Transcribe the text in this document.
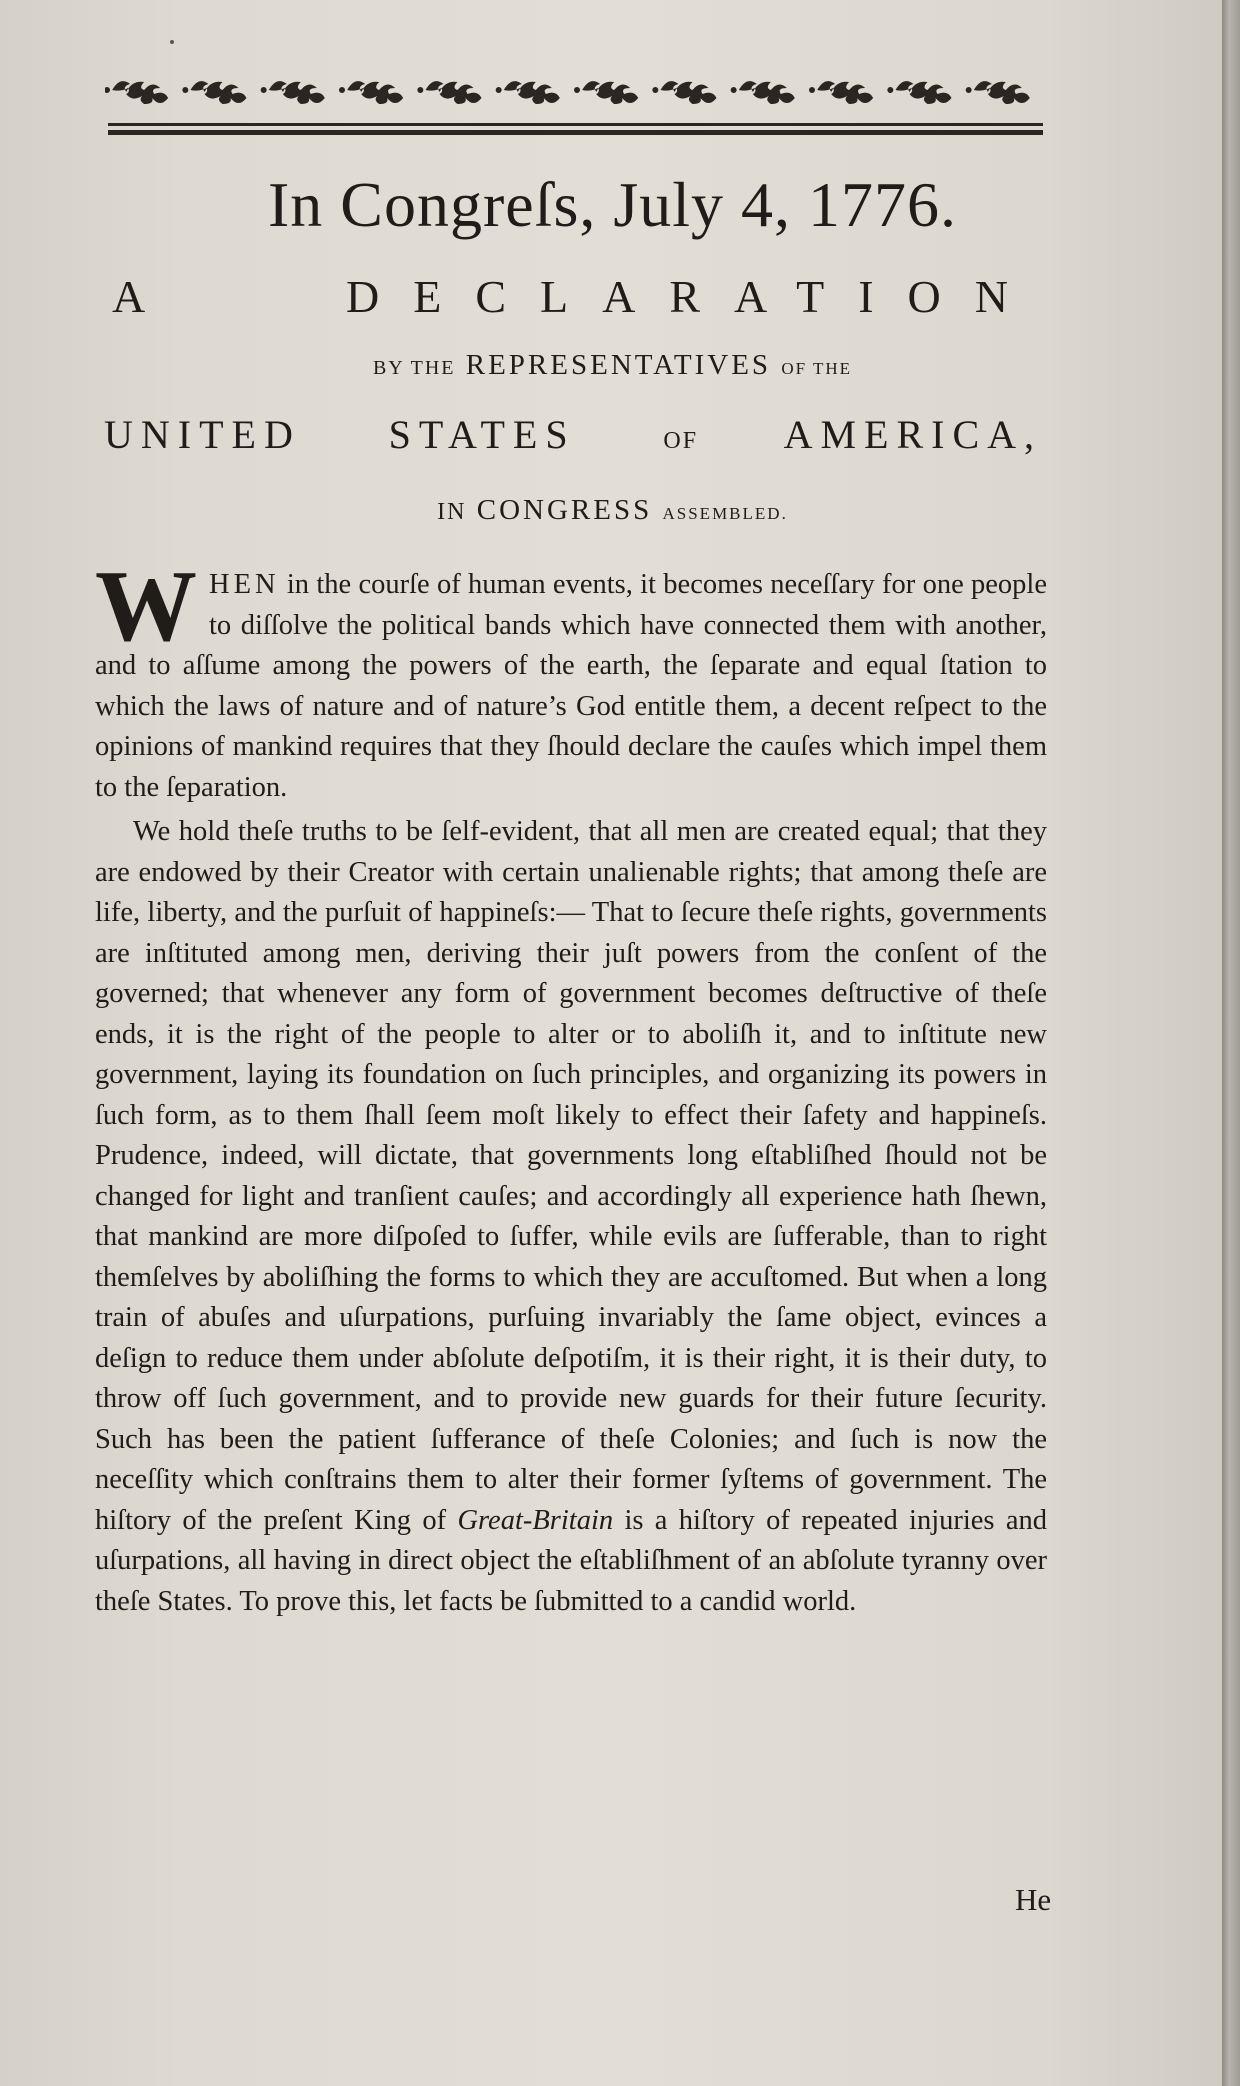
In Congreſs, July 4, 1776.
A DECLARATION
BY THE REPRESENTATIVES OF THE
UNITED STATES	OF AMERICA,
IN CONGRESS ASSEMBLED.

WHEN in the courſe of human events, it becomes neceſſary for one people to diſſolve the political bands which have connected them with another, and to aſſume among the powers of the earth, the ſeparate and equal ſtation to which the laws of nature and of nature’s God entitle them, a decent reſpect to the opinions of mankind requires that they ſhould declare the cauſes which impel them to the ſeparation.

We hold theſe truths to be ſelf-evident, that all men are created equal; that they are endowed by their Creator with certain unalienable rights; that among theſe are life, liberty, and the purſuit of happineſs:— That to ſecure theſe rights, governments are inſtituted among men, deriving their juſt powers from the conſent of the governed; that whenever any form of government becomes deſtructive of theſe ends, it is the right of the people to alter or to aboliſh it, and to inſtitute new government, laying its foundation on ſuch principles, and organizing its powers in ſuch form, as to them ſhall ſeem moſt likely to effect their ſafety and happineſs. Prudence, indeed, will dictate, that governments long eſtabliſhed ſhould not be changed for light and tranſient cauſes; and accordingly all experience hath ſhewn, that mankind are more diſpoſed to ſuffer, while evils are ſufferable, than to right themſelves by aboliſhing the forms to which they are accuſtomed. But when a long train of abuſes and uſurpations, purſuing invariably the ſame object, evinces a deſign to reduce them under abſolute deſpotiſm, it is their right, it is their duty, to throw off ſuch government, and to provide new guards for their future ſecurity. Such has been the patient ſufferance of theſe Colonies; and ſuch is now the neceſſity which conſtrains them to alter their former ſyſtems of government. The hiſtory of the preſent King of Great-Britain is a hiſtory of repeated injuries and uſurpations, all having in direct object the eſtabliſhment of an abſolute tyranny over theſe States. To prove this, let facts be ſubmitted to a candid world.

He
